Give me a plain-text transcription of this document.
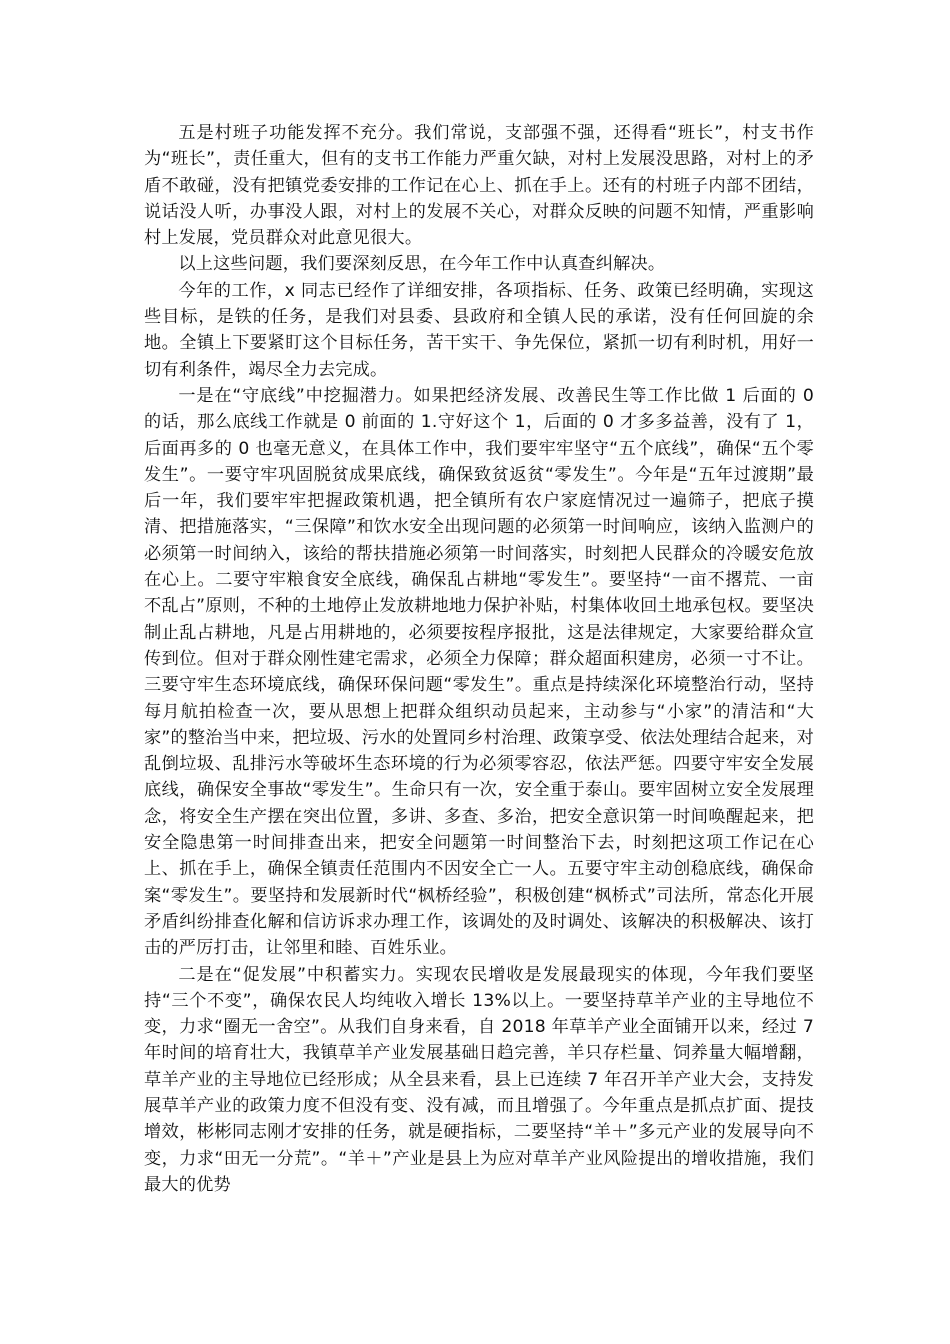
五是村班子功能发挥不充分。我们常说，支部强不强，还得看“班长”，村支书作为“班长”，责任重大，但有的支书工作能力严重欠缺，对村上发展没思路，对村上的矛盾不敢碰，没有把镇党委安排的工作记在心上、抓在手上。还有的村班子内部不团结，说话没人听，办事没人跟，对村上的发展不关心，对群众反映的问题不知情，严重影响村上发展，党员群众对此意见很大。

以上这些问题，我们要深刻反思，在今年工作中认真查纠解决。

今年的工作，x 同志已经作了详细安排，各项指标、任务、政策已经明确，实现这些目标，是铁的任务，是我们对县委、县政府和全镇人民的承诺，没有任何回旋的余地。全镇上下要紧盯这个目标任务，苦干实干、争先保位，紧抓一切有利时机，用好一切有利条件，竭尽全力去完成。

一是在“守底线”中挖掘潜力。如果把经济发展、改善民生等工作比做 1 后面的 0 的话，那么底线工作就是 0 前面的 1.守好这个 1，后面的 0 才多多益善，没有了 1，后面再多的 0 也毫无意义，在具体工作中，我们要牢牢坚守“五个底线”，确保“五个零发生”。一要守牢巩固脱贫成果底线，确保致贫返贫“零发生”。今年是“五年过渡期”最后一年，我们要牢牢把握政策机遇，把全镇所有农户家庭情况过一遍筛子，把底子摸清、把措施落实，“三保障”和饮水安全出现问题的必须第一时间响应，该纳入监测户的必须第一时间纳入，该给的帮扶措施必须第一时间落实，时刻把人民群众的冷暖安危放在心上。二要守牢粮食安全底线，确保乱占耕地“零发生”。要坚持“一亩不撂荒、一亩不乱占”原则，不种的土地停止发放耕地地力保护补贴，村集体收回土地承包权。要坚决制止乱占耕地，凡是占用耕地的，必须要按程序报批，这是法律规定，大家要给群众宣传到位。但对于群众刚性建宅需求，必须全力保障；群众超面积建房，必须一寸不让。三要守牢生态环境底线，确保环保问题“零发生”。重点是持续深化环境整治行动，坚持每月航拍检查一次，要从思想上把群众组织动员起来，主动参与“小家”的清洁和“大家”的整治当中来，把垃圾、污水的处置同乡村治理、政策享受、依法处理结合起来，对乱倒垃圾、乱排污水等破坏生态环境的行为必须零容忍，依法严惩。四要守牢安全发展底线，确保安全事故“零发生”。生命只有一次，安全重于泰山。要牢固树立安全发展理念，将安全生产摆在突出位置，多讲、多查、多治，把安全意识第一时间唤醒起来，把安全隐患第一时间排查出来，把安全问题第一时间整治下去，时刻把这项工作记在心上、抓在手上，确保全镇责任范围内不因安全亡一人。五要守牢主动创稳底线，确保命案“零发生”。要坚持和发展新时代“枫桥经验”，积极创建“枫桥式”司法所，常态化开展矛盾纠纷排查化解和信访诉求办理工作，该调处的及时调处、该解决的积极解决、该打击的严厉打击，让邻里和睦、百姓乐业。

二是在“促发展”中积蓄实力。实现农民增收是发展最现实的体现，今年我们要坚持“三个不变”，确保农民人均纯收入增长 13%以上。一要坚持草羊产业的主导地位不变，力求“圈无一舍空”。从我们自身来看，自 2018 年草羊产业全面铺开以来，经过 7 年时间的培育壮大，我镇草羊产业发展基础日趋完善，羊只存栏量、饲养量大幅增翻，草羊产业的主导地位已经形成；从全县来看，县上已连续 7 年召开羊产业大会，支持发展草羊产业的政策力度不但没有变、没有减，而且增强了。今年重点是抓点扩面、提技增效，彬彬同志刚才安排的任务，就是硬指标，二要坚持“羊＋”多元产业的发展导向不变，力求“田无一分荒”。“羊＋”产业是县上为应对草羊产业风险提出的增收措施，我们最大的优势
